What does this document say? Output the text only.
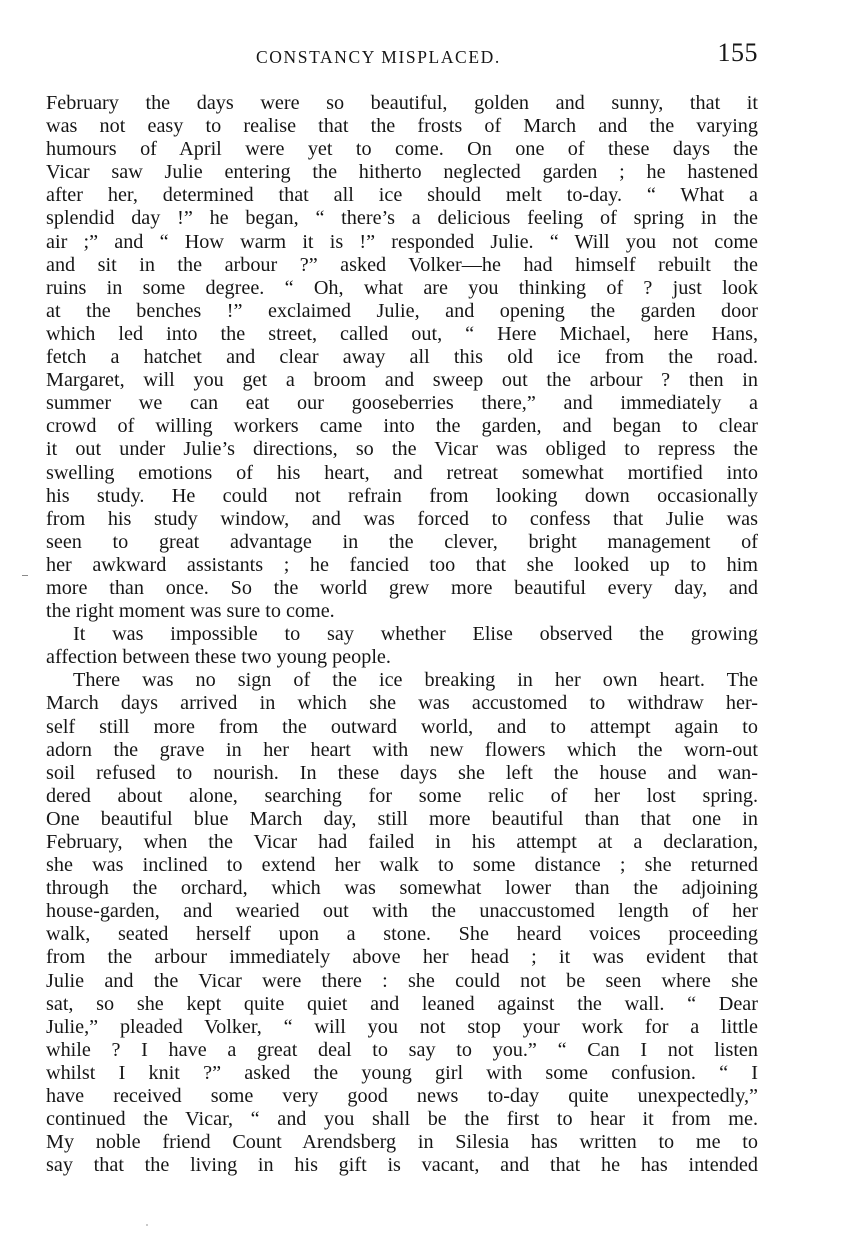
CONSTANCY MISPLACED.	155
February the days were so beautiful, golden and sunny, that it
was not easy to realise that the frosts of March and the varying
humours of April were yet to come. On one of these days the
Vicar saw Julie entering the hitherto neglected garden ; he hastened
after her, determined that all ice should melt to-day. “ What a
splendid day !” he began, “ there’s a delicious feeling of spring in the
air ;” and “ How warm it is !” responded Julie. “ Will you not come
and sit in the arbour ?” asked Volker—he had himself rebuilt the
ruins in some degree. “ Oh, what are you thinking of ? just look
at the benches !” exclaimed Julie, and opening the garden door
which led into the street, called out, “ Here Michael, here Hans,
fetch a hatchet and clear away all this old ice from the road.
Margaret, will you get a broom and sweep out the arbour ? then in
summer we can eat our gooseberries there,” and immediately a
crowd of willing workers came into the garden, and began to clear
it out under Julie’s directions, so the Vicar was obliged to repress the
swelling emotions of his heart, and retreat somewhat mortified into
his study. He could not refrain from looking down occasionally
from his study window, and was forced to confess that Julie was
seen to great advantage in the clever, bright management of
her awkward assistants ; he fancied too that she looked up to him
more than once. So the world grew more beautiful every day, and
the right moment was sure to come.
It was impossible to say whether Elise observed the growing
affection between these two young people.
There was no sign of the ice breaking in her own heart. The
March days arrived in which she was accustomed to withdraw her-
self still more from the outward world, and to attempt again to
adorn the grave in her heart with new flowers which the worn-out
soil refused to nourish. In these days she left the house and wan-
dered about alone, searching for some relic of her lost spring.
One beautiful blue March day, still more beautiful than that one in
February, when the Vicar had failed in his attempt at a declaration,
she was inclined to extend her walk to some distance ; she returned
through the orchard, which was somewhat lower than the adjoining
house-garden, and wearied out with the unaccustomed length of her
walk, seated herself upon a stone. She heard voices proceeding
from the arbour immediately above her head ; it was evident that
Julie and the Vicar were there : she could not be seen where she
sat, so she kept quite quiet and leaned against the wall. “ Dear
Julie,” pleaded Volker, “ will you not stop your work for a little
while ? I have a great deal to say to you.” “ Can I not listen
whilst I knit ?” asked the young girl with some confusion. “ I
have received some very good news to-day quite unexpectedly,”
continued the Vicar, “ and you shall be the first to hear it from me.
My noble friend Count Arendsberg in Silesia has written to me to
say that the living in his gift is vacant, and that he has intended
